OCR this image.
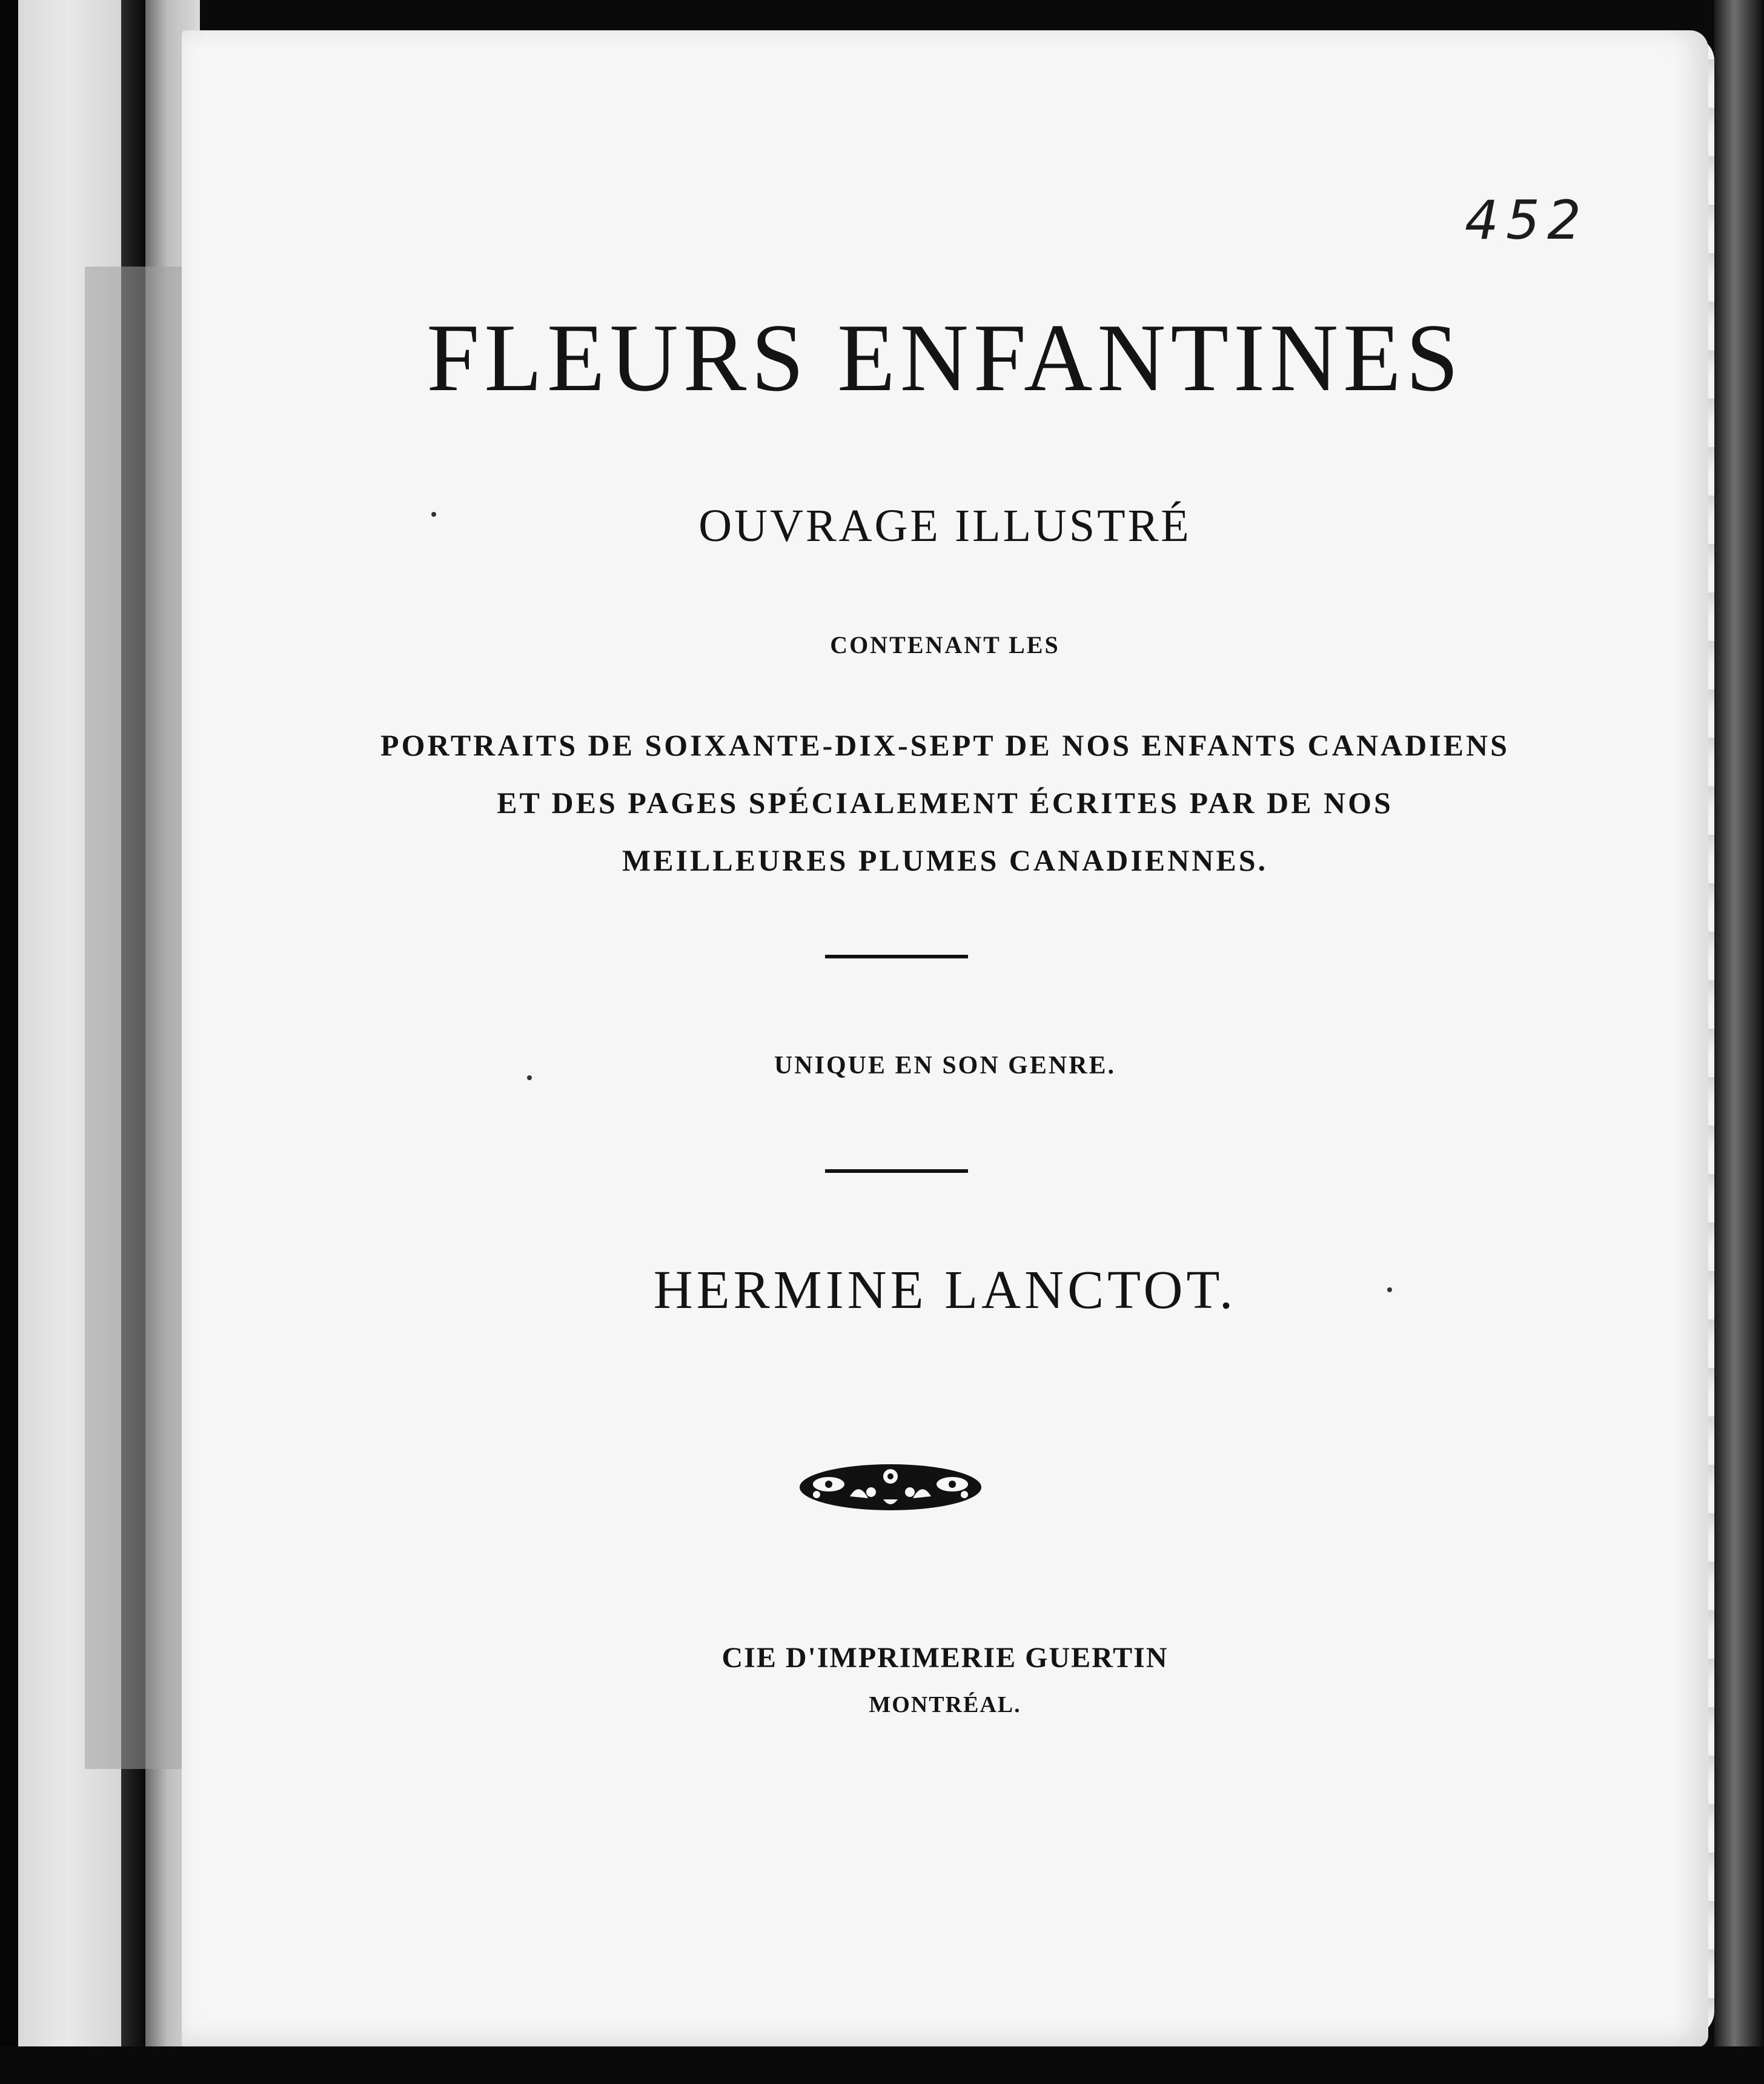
452
FLEURS ENFANTINES

OUVRAGE ILLUSTRÉ

CONTENANT LES

PORTRAITS DE SOIXANTE-DIX-SEPT DE NOS ENFANTS CANADIENS

ET DES PAGES SPÉCIALEMENT ÉCRITES PAR DE NOS

MEILLEURES PLUMES CANADIENNES.

UNIQUE EN SON GENRE.

HERMINE LANCTOT.

CIE D'IMPRIMERIE GUERTIN

MONTRÉAL.
